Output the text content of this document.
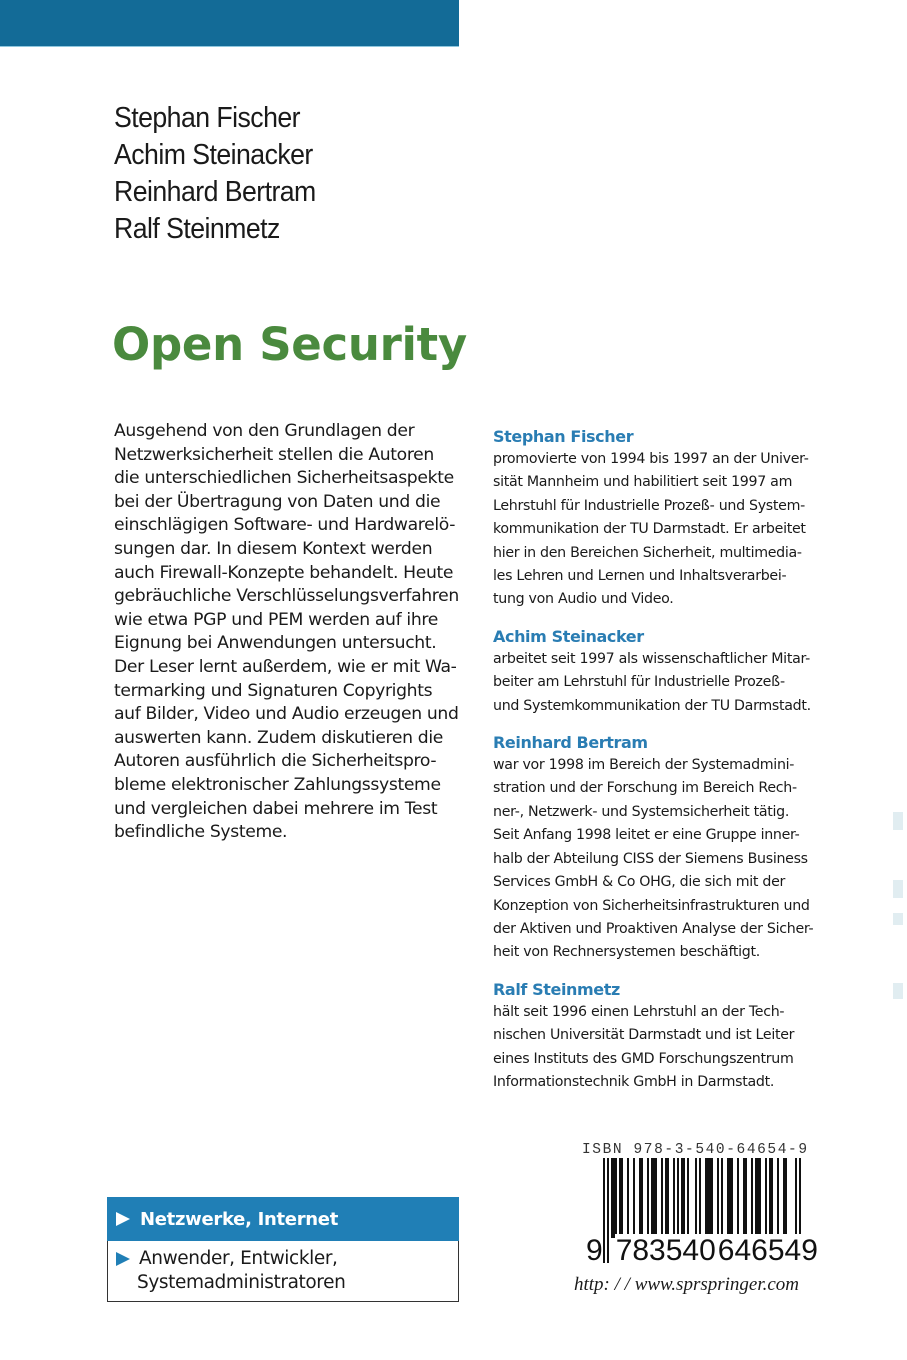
Stephan Fischer
Achim Steinacker
Reinhard Bertram
Ralf Steinmetz
Open Security
Ausgehend von den Grundlagen der
Netzwerksicherheit stellen die Autoren
die unterschiedlichen Sicherheitsaspekte
bei der Übertragung von Daten und die
einschlägigen Software- und Hardwarelö-
sungen dar. In diesem Kontext werden
auch Firewall-Konzepte behandelt. Heute
gebräuchliche Verschlüsselungsverfahren
wie etwa PGP und PEM werden auf ihre
Eignung bei Anwendungen untersucht.
Der Leser lernt außerdem, wie er mit Wa-
termarking und Signaturen Copyrights
auf Bilder, Video und Audio erzeugen und
auswerten kann. Zudem diskutieren die
Autoren ausführlich die Sicherheitspro-
bleme elektronischer Zahlungssysteme
und vergleichen dabei mehrere im Test
befindliche Systeme.
Stephan Fischer
promovierte von 1994 bis 1997 an der Univer-
sität Mannheim und habilitiert seit 1997 am
Lehrstuhl für Industrielle Prozeß- und System-
kommunikation der TU Darmstadt. Er arbeitet
hier in den Bereichen Sicherheit, multimedia-
les Lehren und Lernen und Inhaltsverarbei-
tung von Audio und Video.
Achim Steinacker
arbeitet seit 1997 als wissenschaftlicher Mitar-
beiter am Lehrstuhl für Industrielle Prozeß-
und Systemkommunikation der TU Darmstadt.
Reinhard Bertram
war vor 1998 im Bereich der Systemadmini-
stration und der Forschung im Bereich Rech-
ner-, Netzwerk- und Systemsicherheit tätig.
Seit Anfang 1998 leitet er eine Gruppe inner-
halb der Abteilung CISS der Siemens Business
Services GmbH & Co OHG, die sich mit der
Konzeption von Sicherheitsinfrastrukturen und
der Aktiven und Proaktiven Analyse der Sicher-
heit von Rechnersystemen beschäftigt.
Ralf Steinmetz
hält seit 1996 einen Lehrstuhl an der Tech-
nischen Universität Darmstadt und ist Leiter
eines Instituts des GMD Forschungszentrum
Informationstechnik GmbH in Darmstadt.
Netzwerke, Internet
Anwender, Entwickler,
Systemadministratoren
ISBN 978-3-540-64654-9
9 783540646549
http: / / www.sprspringer.com
